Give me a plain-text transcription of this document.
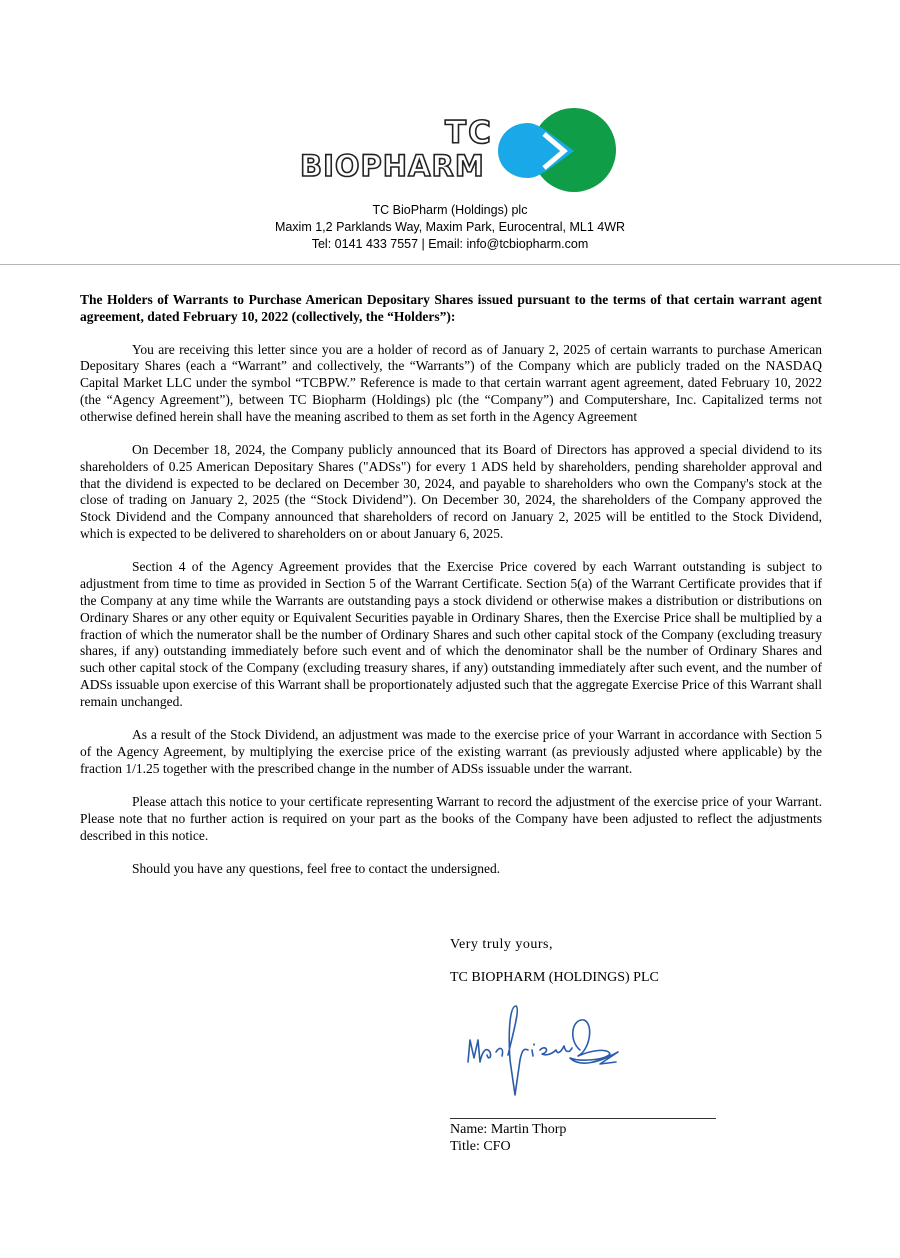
TC
BIOPHARM
TC BioPharm (Holdings) plc
Maxim 1,2 Parklands Way, Maxim Park, Eurocentral, ML1 4WR
Tel: 0141 433 7557 | Email: info@tcbiopharm.com

The Holders of Warrants to Purchase American Depositary Shares issued pursuant to the terms of that certain warrant agent agreement, dated February 10, 2022 (collectively, the “Holders”):

You are receiving this letter since you are a holder of record as of January 2, 2025 of certain warrants to purchase American Depositary Shares (each a “Warrant” and collectively, the “Warrants”) of the Company which are publicly traded on the NASDAQ Capital Market LLC under the symbol “TCBPW.” Reference is made to that certain warrant agent agreement, dated February 10, 2022 (the “Agency Agreement”), between TC Biopharm (Holdings) plc (the “Company”) and Computershare, Inc. Capitalized terms not otherwise defined herein shall have the meaning ascribed to them as set forth in the Agency Agreement

On December 18, 2024, the Company publicly announced that its Board of Directors has approved a special dividend to its shareholders of 0.25 American Depositary Shares ("ADSs") for every 1 ADS held by shareholders, pending shareholder approval and that the dividend is expected to be declared on December 30, 2024, and payable to shareholders who own the Company's stock at the close of trading on January 2, 2025 (the “Stock Dividend”). On December 30, 2024, the shareholders of the Company approved the Stock Dividend and the Company announced that shareholders of record on January 2, 2025 will be entitled to the Stock Dividend, which is expected to be delivered to shareholders on or about January 6, 2025.

Section 4 of the Agency Agreement provides that the Exercise Price covered by each Warrant outstanding is subject to adjustment from time to time as provided in Section 5 of the Warrant Certificate. Section 5(a) of the Warrant Certificate provides that if the Company at any time while the Warrants are outstanding pays a stock dividend or otherwise makes a distribution or distributions on Ordinary Shares or any other equity or Equivalent Securities payable in Ordinary Shares, then the Exercise Price shall be multiplied by a fraction of which the numerator shall be the number of Ordinary Shares and such other capital stock of the Company (excluding treasury shares, if any) outstanding immediately before such event and of which the denominator shall be the number of Ordinary Shares and such other capital stock of the Company (excluding treasury shares, if any) outstanding immediately after such event, and the number of ADSs issuable upon exercise of this Warrant shall be proportionately adjusted such that the aggregate Exercise Price of this Warrant shall remain unchanged.

As a result of the Stock Dividend, an adjustment was made to the exercise price of your Warrant in accordance with Section 5 of the Agency Agreement, by multiplying the exercise price of the existing warrant (as previously adjusted where applicable) by the fraction 1/1.25 together with the prescribed change in the number of ADSs issuable under the warrant.

Please attach this notice to your certificate representing Warrant to record the adjustment of the exercise price of your Warrant. Please note that no further action is required on your part as the books of the Company have been adjusted to reflect the adjustments described in this notice.

Should you have any questions, feel free to contact the undersigned.

Very truly yours,
TC BIOPHARM (HOLDINGS) PLC
Name: Martin Thorp
Title: CFO
